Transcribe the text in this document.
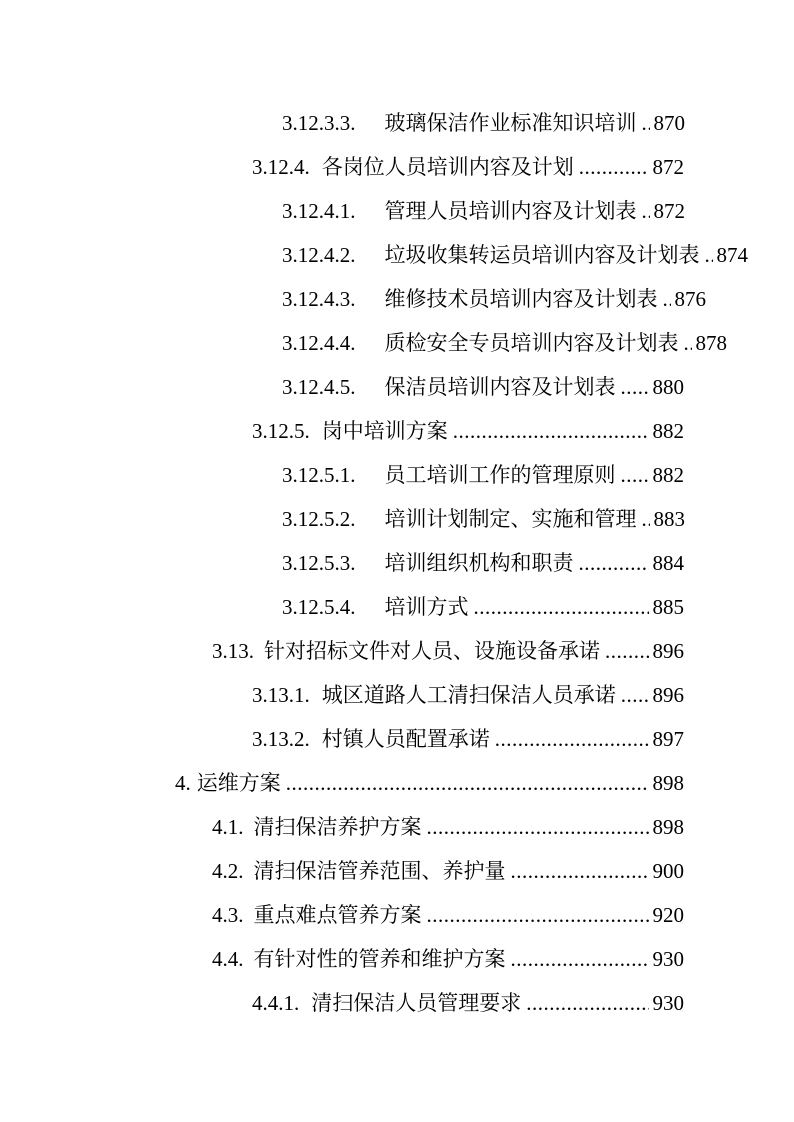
3.12.3.3. 玻璃保洁作业标准知识培训 ..... 870
3.12.4. 各岗位人员培训内容及计划 .....	872
3.12.4.1. 管理人员培训内容及计划表 ..... 872
3.12.4.2. 垃圾收集转运员培训内容及计划表 ..... 874
3.12.4.3. 维修技术员培训内容及计划表 ..... 876
3.12.4.4. 质检安全专员培训内容及计划表 ..... 878
3.12.4.5. 保洁员培训内容及计划表 ..... 880
3.12.5. 岗中培训方案 .....	882
3.12.5.1. 员工培训工作的管理原则 ..... 882
3.12.5.2. 培训计划制定、实施和管理 ..... 883
3.12.5.3. 培训组织机构和职责 .....	884
3.12.5.4. 培训方式 .....	885
3.13. 针对招标文件对人员、设施设备承诺 .....	896
3.13.1. 城区道路人工清扫保洁人员承诺 ..... 896
3.13.2. 村镇人员配置承诺 .....	897
4. 运维方案 .....	898
4.1. 清扫保洁养护方案 .....	898
4.2. 清扫保洁管养范围、养护量 .....	900
4.3. 重点难点管养方案 .....	920
4.4. 有针对性的管养和维护方案 .....	930
4.4.1. 清扫保洁人员管理要求 .....	930
